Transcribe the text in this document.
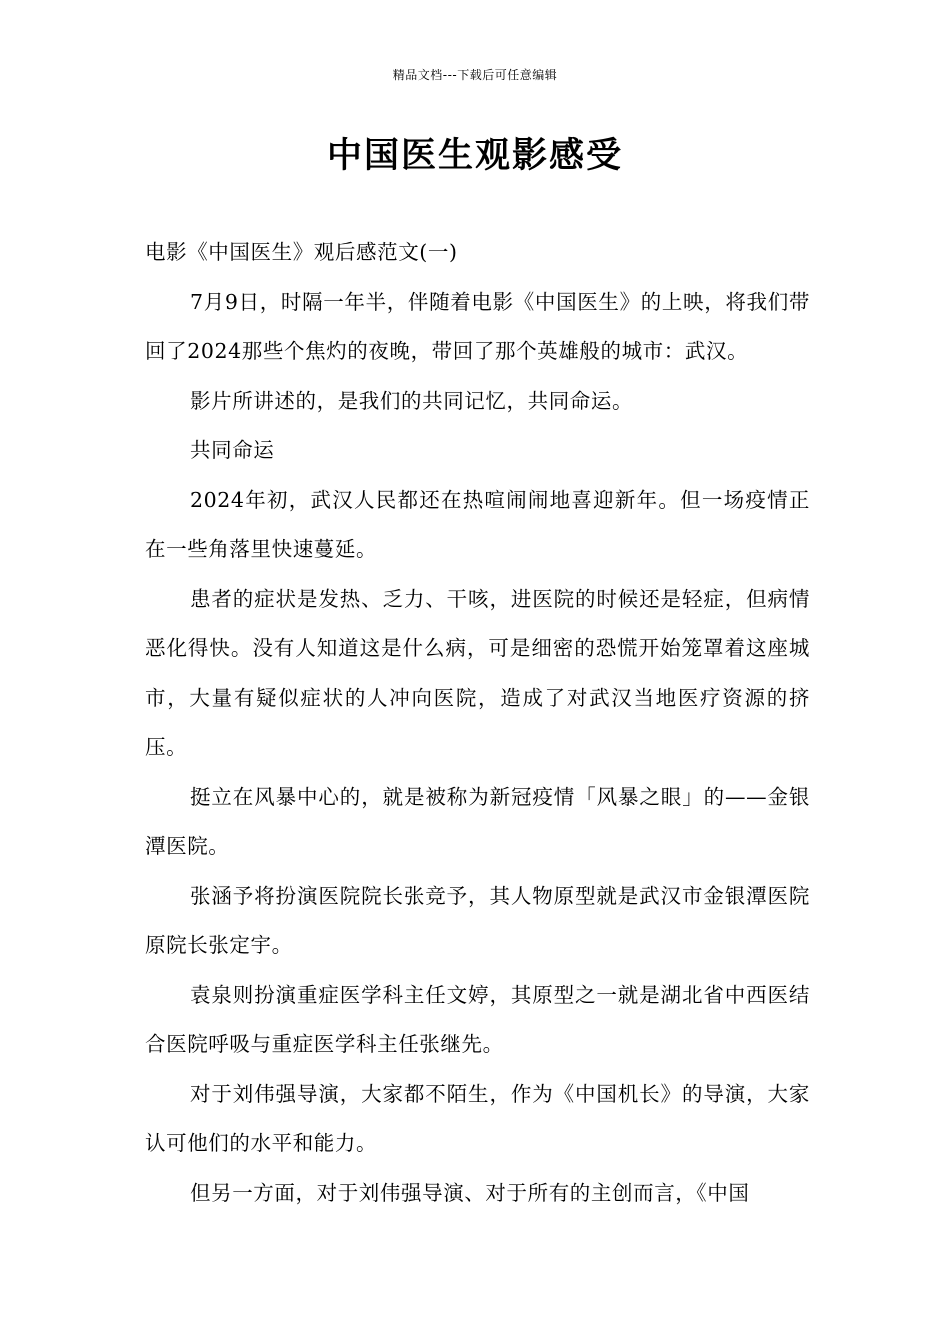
精品文档---下载后可任意编辑
中国医生观影感受

电影《中国医生》观后感范文(一)

7月9日，时隔一年半，伴随着电影《中国医生》的上映，将我们带回了2024那些个焦灼的夜晚，带回了那个英雄般的城市：武汉。

影片所讲述的，是我们的共同记忆，共同命运。

共同命运

2024年初，武汉人民都还在热喧闹闹地喜迎新年。但一场疫情正在一些角落里快速蔓延。

患者的症状是发热、乏力、干咳，进医院的时候还是轻症，但病情恶化得快。没有人知道这是什么病，可是细密的恐慌开始笼罩着这座城市，大量有疑似症状的人冲向医院，造成了对武汉当地医疗资源的挤压。

挺立在风暴中心的，就是被称为新冠疫情「风暴之眼」的——金银潭医院。

张涵予将扮演医院院长张竞予，其人物原型就是武汉市金银潭医院原院长张定宇。

袁泉则扮演重症医学科主任文婷，其原型之一就是湖北省中西医结合医院呼吸与重症医学科主任张继先。

对于刘伟强导演，大家都不陌生，作为《中国机长》的导演，大家认可他们的水平和能力。

但另一方面，对于刘伟强导演、对于所有的主创而言，《中国
